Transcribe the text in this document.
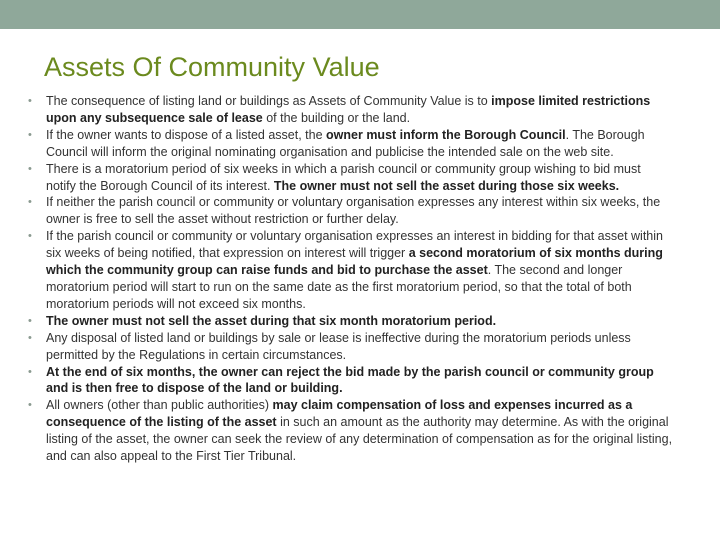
Assets Of Community Value
• The consequence of listing land or buildings as Assets of Community Value is to impose limited restrictions upon any subsequence sale of lease of the building or the land.
• If the owner wants to dispose of a listed asset, the owner must inform the Borough Council. The Borough Council will inform the original nominating organisation and publicise the intended sale on the web site.
• There is a moratorium period of six weeks in which a parish council or community group wishing to bid must notify the Borough Council of its interest. The owner must not sell the asset during those six weeks.
• If neither the parish council or community or voluntary organisation expresses any interest within six weeks, the owner is free to sell the asset without restriction or further delay.
• If the parish council or community or voluntary organisation expresses an interest in bidding for that asset within six weeks of being notified, that expression on interest will trigger a second moratorium of six months during which the community group can raise funds and bid to purchase the asset. The second and longer moratorium period will start to run on the same date as the first moratorium period, so that the total of both moratorium periods will not exceed six months.
• The owner must not sell the asset during that six month moratorium period.
• Any disposal of listed land or buildings by sale or lease is ineffective during the moratorium periods unless permitted by the Regulations in certain circumstances.
• At the end of six months, the owner can reject the bid made by the parish council or community group and is then free to dispose of the land or building.
• All owners (other than public authorities) may claim compensation of loss and expenses incurred as a consequence of the listing of the asset in such an amount as the authority may determine. As with the original listing of the asset, the owner can seek the review of any determination of compensation as for the original listing, and can also appeal to the First Tier Tribunal.
